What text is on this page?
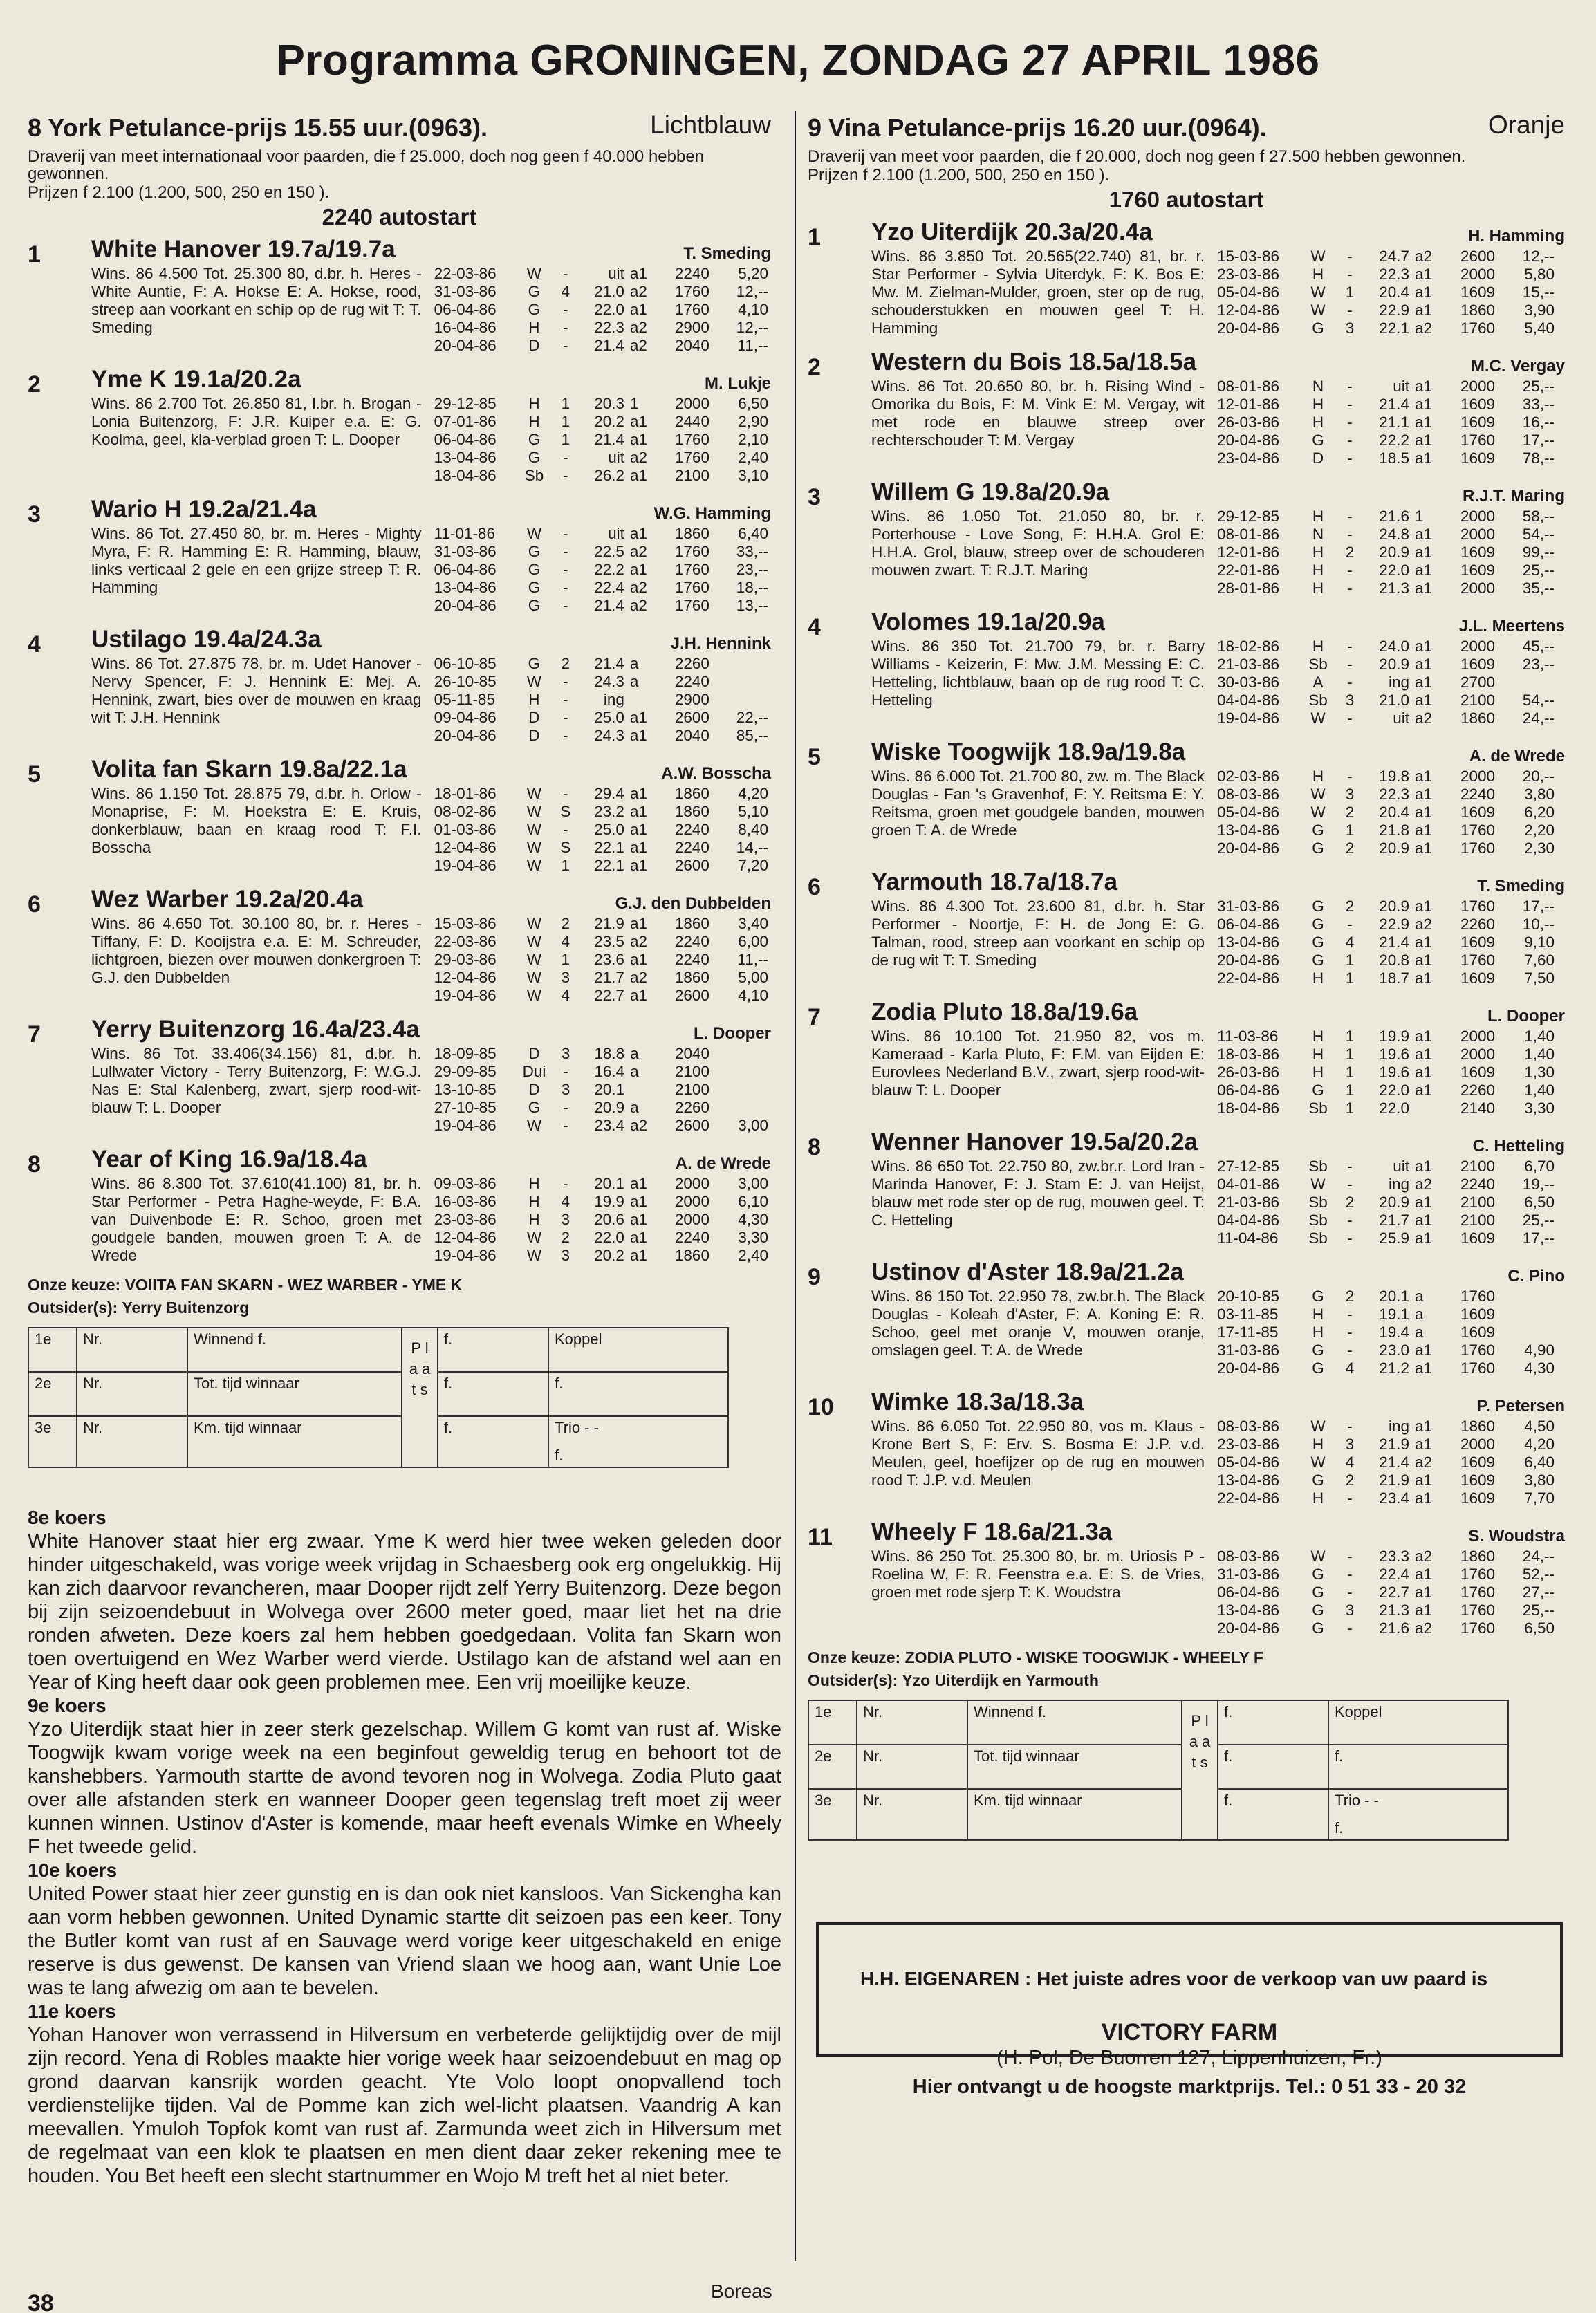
Programma GRONINGEN, ZONDAG 27 APRIL 1986
8 York Petulance-prijs 15.55 uur.(0963).	Lichtblauw
Draverij van meet internationaal voor paarden, die f 25.000, doch nog geen f 40.000 hebben gewonnen.
Prijzen f 2.100 (1.200, 500, 250 en 150 ).
2240 autostart
1	White Hanover 19.7a/19.7a	T. Smeding
Wins. 86 4.500 Tot. 25.300 80, d.br. h. Heres - White Auntie, F: A. Hokse E: A. Hokse, rood, streep aan voorkant en schip op de rug wit T: T. Smeding
22-03-86	W	-	uit	a1	2240	5,20
31-03-86	G	4	21.0	a2	1760	12,--
06-04-86	G	-	22.0	a1	1760	4,10
16-04-86	H	-	22.3	a2	2900	12,--
20-04-86	D	-	21.4	a2	2040	11,--
2	Yme K 19.1a/20.2a	M. Lukje
Wins. 86 2.700 Tot. 26.850 81, l.br. h. Brogan - Lonia Buitenzorg, F: J.R. Kuiper e.a. E: G. Koolma, geel, kla-verblad groen T: L. Dooper
29-12-85	H	1	20.3	1	2000	6,50
07-01-86	H	1	20.2	a1	2440	2,90
06-04-86	G	1	21.4	a1	1760	2,10
13-04-86	G	-	uit	a2	1760	2,40
18-04-86	Sb	-	26.2	a1	2100	3,10
3	Wario H 19.2a/21.4a	W.G. Hamming
Wins. 86 Tot. 27.450 80, br. m. Heres - Mighty Myra, F: R. Hamming E: R. Hamming, blauw, links verticaal 2 gele en een grijze streep T: R. Hamming
11-01-86	W	-	uit	a1	1860	6,40
31-03-86	G	-	22.5	a2	1760	33,--
06-04-86	G	-	22.2	a1	1760	23,--
13-04-86	G	-	22.4	a2	1760	18,--
20-04-86	G	-	21.4	a2	1760	13,--
4	Ustilago 19.4a/24.3a	J.H. Hennink
Wins. 86 Tot. 27.875 78, br. m. Udet Hanover - Nervy Spencer, F: J. Hennink E: Mej. A. Hennink, zwart, bies over de mouwen en kraag wit T: J.H. Hennink
06-10-85	G	2	21.4	a	2260	
26-10-85	W	-	24.3	a	2240	
05-11-85	H	-	ing		2900	
09-04-86	D	-	25.0	a1	2600	22,--
20-04-86	D	-	24.3	a1	2040	85,--
5	Volita fan Skarn 19.8a/22.1a	A.W. Bosscha
Wins. 86 1.150 Tot. 28.875 79, d.br. h. Orlow - Monaprise, F: M. Hoekstra E: E. Kruis, donkerblauw, baan en kraag rood T: F.I. Bosscha
18-01-86	W	-	29.4	a1	1860	4,20
08-02-86	W	S	23.2	a1	1860	5,10
01-03-86	W	-	25.0	a1	2240	8,40
12-04-86	W	S	22.1	a1	2240	14,--
19-04-86	W	1	22.1	a1	2600	7,20
6	Wez Warber 19.2a/20.4a	G.J. den Dubbelden
Wins. 86 4.650 Tot. 30.100 80, br. r. Heres - Tiffany, F: D. Kooijstra e.a. E: M. Schreuder, lichtgroen, biezen over mouwen donkergroen T: G.J. den Dubbelden
15-03-86	W	2	21.9	a1	1860	3,40
22-03-86	W	4	23.5	a2	2240	6,00
29-03-86	W	1	23.6	a1	2240	11,--
12-04-86	W	3	21.7	a2	1860	5,00
19-04-86	W	4	22.7	a1	2600	4,10
7	Yerry Buitenzorg 16.4a/23.4a	L. Dooper
Wins. 86 Tot. 33.406(34.156) 81, d.br. h. Lullwater Victory - Terry Buitenzorg, F: W.G.J. Nas E: Stal Kalenberg, zwart, sjerp rood-wit-blauw T: L. Dooper
18-09-85	D	3	18.8	a	2040	
29-09-85	Dui	-	16.4	a	2100	
13-10-85	D	3	20.1		2100	
27-10-85	G	-	20.9	a	2260	
19-04-86	W	-	23.4	a2	2600	3,00
8	Year of King 16.9a/18.4a	A. de Wrede
Wins. 86 8.300 Tot. 37.610(41.100) 81, br. h. Star Performer - Petra Haghe-weyde, F: B.A. van Duivenbode E: R. Schoo, groen met goudgele banden, mouwen groen T: A. de Wrede
09-03-86	H	-	20.1	a1	2000	3,00
16-03-86	H	4	19.9	a1	2000	6,10
23-03-86	H	3	20.6	a1	2000	4,30
12-04-86	W	2	22.0	a1	2240	3,30
19-04-86	W	3	20.2	a1	1860	2,40
Onze keuze: VOIITA FAN SKARN - WEZ WARBER - YME K
Outsider(s): Yerry Buitenzorg
1e	Nr.	Winnend f.	P l a a t s	f.	Koppel

2e	Nr.	Tot. tijd winnaar		f.	f.
3e	Nr.	Km. tijd winnaar		f.	Trio - -
f.
9 Vina Petulance-prijs 16.20 uur.(0964).	Oranje
Draverij van meet voor paarden, die f 20.000, doch nog geen f 27.500 hebben gewonnen.
Prijzen f 2.100 (1.200, 500, 250 en 150 ).
1760 autostart
1	Yzo Uiterdijk 20.3a/20.4a	H. Hamming
Wins. 86 3.850 Tot. 20.565(22.740) 81, br. r. Star Performer - Sylvia Uiterdyk, F: K. Bos E: Mw. M. Zielman-Mulder, groen, ster op de rug, schouderstukken en mouwen geel T: H. Hamming
15-03-86	W	-	24.7	a2	2600	12,--
23-03-86	H	-	22.3	a1	2000	5,80
05-04-86	W	1	20.4	a1	1609	15,--
12-04-86	W	-	22.9	a1	1860	3,90
20-04-86	G	3	22.1	a2	1760	5,40
2	Western du Bois 18.5a/18.5a	M.C. Vergay
Wins. 86 Tot. 20.650 80, br. h. Rising Wind - Omorika du Bois, F: M. Vink E: M. Vergay, wit met rode en blauwe streep over rechterschouder T: M. Vergay
08-01-86	N	-	uit	a1	2000	25,--
12-01-86	H	-	21.4	a1	1609	33,--
26-03-86	H	-	21.1	a1	1609	16,--
20-04-86	G	-	22.2	a1	1760	17,--
23-04-86	D	-	18.5	a1	1609	78,--
3	Willem G 19.8a/20.9a	R.J.T. Maring
Wins. 86 1.050 Tot. 21.050 80, br. r. Porterhouse - Love Song, F: H.H.A. Grol E: H.H.A. Grol, blauw, streep over de schouderen mouwen zwart. T: R.J.T. Maring
29-12-85	H	-	21.6	1	2000	58,--
08-01-86	N	-	24.8	a1	2000	54,--
12-01-86	H	2	20.9	a1	1609	99,--
22-01-86	H	-	22.0	a1	1609	25,--
28-01-86	H	-	21.3	a1	2000	35,--
4	Volomes 19.1a/20.9a	J.L. Meertens
Wins. 86 350 Tot. 21.700 79, br. r. Barry Williams - Keizerin, F: Mw. J.M. Messing E: C. Hetteling, lichtblauw, baan op de rug rood T: C. Hetteling
18-02-86	H	-	24.0	a1	2000	45,--
21-03-86	Sb	-	20.9	a1	1609	23,--
30-03-86	A	-	ing	a1	2700	
04-04-86	Sb	3	21.0	a1	2100	54,--
19-04-86	W	-	uit	a2	1860	24,--
5	Wiske Toogwijk 18.9a/19.8a	A. de Wrede
Wins. 86 6.000 Tot. 21.700 80, zw. m. The Black Douglas - Fan 's Gravenhof, F: Y. Reitsma E: Y. Reitsma, groen met goudgele banden, mouwen groen T: A. de Wrede
02-03-86	H	-	19.8	a1	2000	20,--
08-03-86	W	3	22.3	a1	2240	3,80
05-04-86	W	2	20.4	a1	1609	6,20
13-04-86	G	1	21.8	a1	1760	2,20
20-04-86	G	2	20.9	a1	1760	2,30
6	Yarmouth 18.7a/18.7a	T. Smeding
Wins. 86 4.300 Tot. 23.600 81, d.br. h. Star Performer - Noortje, F: H. de Jong E: G. Talman, rood, streep aan voorkant en schip op de rug wit T: T. Smeding
31-03-86	G	2	20.9	a1	1760	17,--
06-04-86	G	-	22.9	a2	2260	10,--
13-04-86	G	4	21.4	a1	1609	9,10
20-04-86	G	1	20.8	a1	1760	7,60
22-04-86	H	1	18.7	a1	1609	7,50
7	Zodia Pluto 18.8a/19.6a	L. Dooper
Wins. 86 10.100 Tot. 21.950 82, vos m. Kameraad - Karla Pluto, F: F.M. van Eijden E: Eurovlees Nederland B.V., zwart, sjerp rood-wit-blauw T: L. Dooper
11-03-86	H	1	19.9	a1	2000	1,40
18-03-86	H	1	19.6	a1	2000	1,40
26-03-86	H	1	19.6	a1	1609	1,30
06-04-86	G	1	22.0	a1	2260	1,40
18-04-86	Sb	1	22.0		2140	3,30
8	Wenner Hanover 19.5a/20.2a	C. Hetteling
Wins. 86 650 Tot. 22.750 80, zw.br.r. Lord Iran - Marinda Hanover, F: J. Stam E: J. van Heijst, blauw met rode ster op de rug, mouwen geel. T: C. Hetteling
27-12-85	Sb	-	uit	a1	2100	6,70
04-01-86	W	-	ing	a2	2240	19,--
21-03-86	Sb	2	20.9	a1	2100	6,50
04-04-86	Sb	-	21.7	a1	2100	25,--
11-04-86	Sb	-	25.9	a1	1609	17,--
9	Ustinov d'Aster 18.9a/21.2a	C. Pino
Wins. 86 150 Tot. 22.950 78, zw.br.h. The Black Douglas - Koleah d'Aster, F: A. Koning E: R. Schoo, geel met oranje V, mouwen oranje, omslagen geel. T: A. de Wrede
20-10-85	G	2	20.1	a	1760	
03-11-85	H	-	19.1	a	1609	
17-11-85	H	-	19.4	a	1609	
31-03-86	G	-	23.0	a1	1760	4,90
20-04-86	G	4	21.2	a1	1760	4,30
10	Wimke 18.3a/18.3a	P. Petersen
Wins. 86 6.050 Tot. 22.950 80, vos m. Klaus - Krone Bert S, F: Erv. S. Bosma E: J.P. v.d. Meulen, geel, hoefijzer op de rug en mouwen rood T: J.P. v.d. Meulen
08-03-86	W	-	ing	a1	1860	4,50
23-03-86	H	3	21.9	a1	2000	4,20
05-04-86	W	4	21.4	a2	1609	6,40
13-04-86	G	2	21.9	a1	1609	3,80
22-04-86	H	-	23.4	a1	1609	7,70
11	Wheely F 18.6a/21.3a	S. Woudstra
Wins. 86 250 Tot. 25.300 80, br. m. Uriosis P - Roelina W, F: R. Feenstra e.a. E: S. de Vries, groen met rode sjerp T: K. Woudstra
08-03-86	W	-	23.3	a2	1860	24,--
31-03-86	G	-	22.4	a1	1760	52,--
06-04-86	G	-	22.7	a1	1760	27,--
13-04-86	G	3	21.3	a1	1760	25,--
20-04-86	G	-	21.6	a2	1760	6,50
Onze keuze: ZODIA PLUTO - WISKE TOOGWIJK - WHEELY F
Outsider(s): Yzo Uiterdijk en Yarmouth
1e	Nr.	Winnend f.	P l a a t s	f.	Koppel

2e	Nr.	Tot. tijd winnaar		f.	f.
3e	Nr.	Km. tijd winnaar		f.	Trio - -
f.
8e koers
White Hanover staat hier erg zwaar. Yme K werd hier twee weken geleden door hinder uitgeschakeld, was vorige week vrijdag in Schaesberg ook erg ongelukkig. Hij kan zich daarvoor revancheren, maar Dooper rijdt zelf Yerry Buitenzorg. Deze begon bij zijn seizoendebuut in Wolvega over 2600 meter goed, maar liet het na drie ronden afweten. Deze koers zal hem hebben goedgedaan. Volita fan Skarn won toen overtuigend en Wez Warber werd vierde. Ustilago kan de afstand wel aan en Year of King heeft daar ook geen problemen mee. Een vrij moeilijke keuze.
9e koers
Yzo Uiterdijk staat hier in zeer sterk gezelschap. Willem G komt van rust af. Wiske Toogwijk kwam vorige week na een beginfout geweldig terug en behoort tot de kanshebbers. Yarmouth startte de avond tevoren nog in Wolvega. Zodia Pluto gaat over alle afstanden sterk en wanneer Dooper geen tegenslag treft moet zij weer kunnen winnen. Ustinov d'Aster is komende, maar heeft evenals Wimke en Wheely F het tweede gelid.
10e koers
United Power staat hier zeer gunstig en is dan ook niet kansloos. Van Sickengha kan aan vorm hebben gewonnen. United Dynamic startte dit seizoen pas een keer. Tony the Butler komt van rust af en Sauvage werd vorige keer uitgeschakeld en enige reserve is dus gewenst. De kansen van Vriend slaan we hoog aan, want Unie Loe was te lang afwezig om aan te bevelen.
11e koers
Yohan Hanover won verrassend in Hilversum en verbeterde gelijktijdig over de mijl zijn record. Yena di Robles maakte hier vorige week haar seizoendebuut en mag op grond daarvan kansrijk worden geacht. Yte Volo loopt onopvallend toch verdienstelijke tijden. Val de Pomme kan zich wel-licht plaatsen. Vaandrig A kan meevallen. Ymuloh Topfok komt van rust af. Zarmunda weet zich in Hilversum met de regelmaat van een klok te plaatsen en men dient daar zeker rekening mee te houden. You Bet heeft een slecht startnummer en Wojo M treft het al niet beter.
H.H. EIGENAREN : Het juiste adres voor de verkoop van uw paard is
VICTORY FARM
(H. Pol, De Buorren 127, Lippenhuizen, Fr.)
Hier ontvangt u de hoogste marktprijs. Tel.: 0 51 33 - 20 32
38	Boreas
